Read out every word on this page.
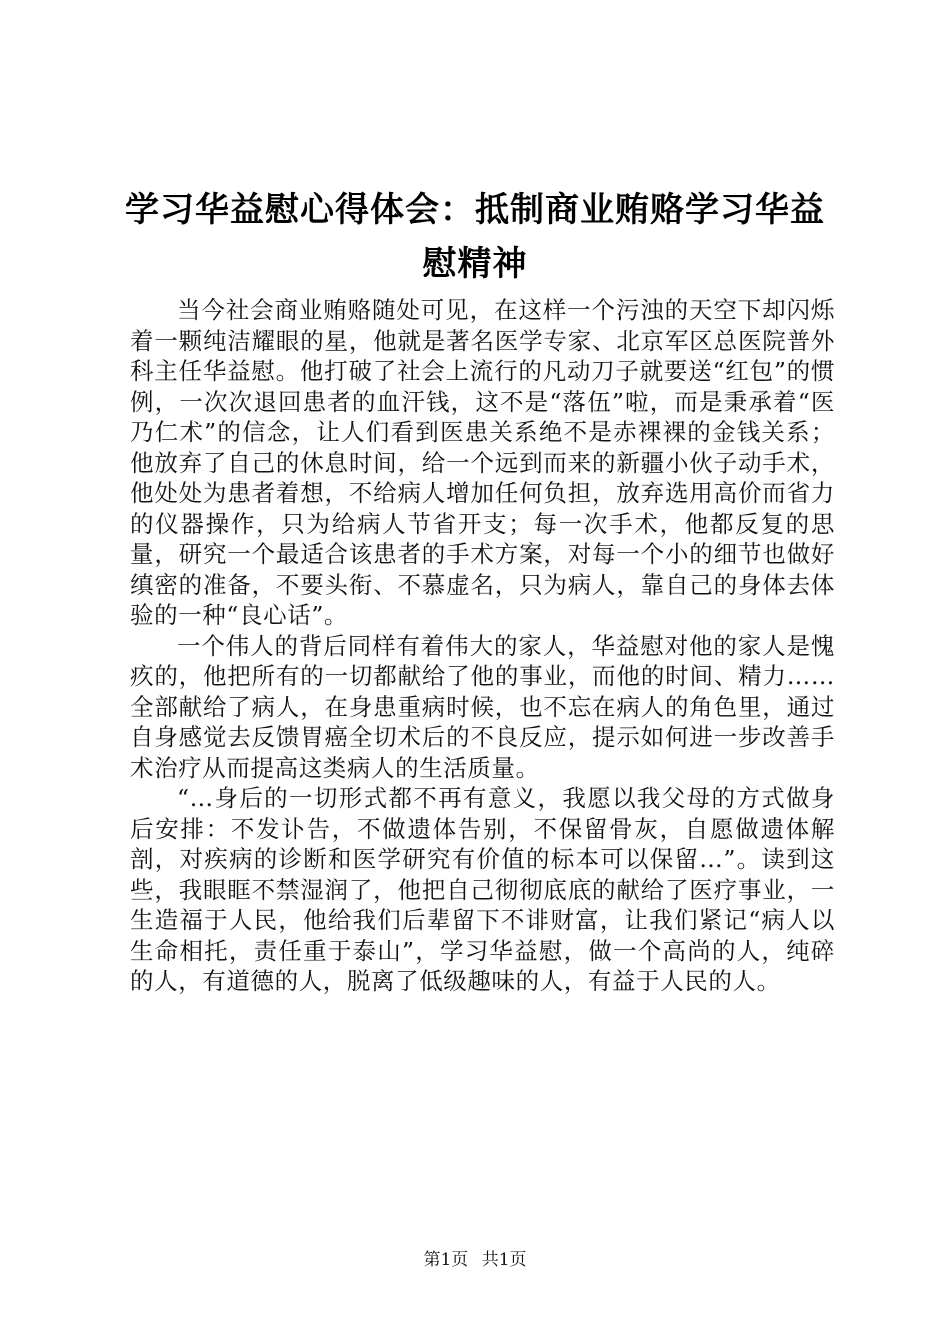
学习华益慰心得体会：抵制商业贿赂学习华益
慰精神

当今社会商业贿赂随处可见，在这样一个污浊的天空下却闪烁着一颗纯洁耀眼的星，他就是著名医学专家、北京军区总医院普外科主任华益慰。他打破了社会上流行的凡动刀子就要送“红包”的惯例，一次次退回患者的血汗钱，这不是“落伍”啦，而是秉承着“医乃仁术”的信念，让人们看到医患关系绝不是赤裸裸的金钱关系；他放弃了自己的休息时间，给一个远到而来的新疆小伙子动手术，他处处为患者着想，不给病人增加任何负担，放弃选用高价而省力的仪器操作，只为给病人节省开支；每一次手术，他都反复的思量，研究一个最适合该患者的手术方案，对每一个小的细节也做好缜密的准备，不要头衔、不慕虚名，只为病人，靠自己的身体去体验的一种“良心话”。

一个伟人的背后同样有着伟大的家人，华益慰对他的家人是愧疚的，他把所有的一切都献给了他的事业，而他的时间、精力……全部献给了病人，在身患重病时候，也不忘在病人的角色里，通过自身感觉去反馈胃癌全切术后的不良反应，提示如何进一步改善手术治疗从而提高这类病人的生活质量。

“…身后的一切形式都不再有意义，我愿以我父母的方式做身后安排：不发讣告，不做遗体告别，不保留骨灰，自愿做遗体解剖，对疾病的诊断和医学研究有价值的标本可以保留…”。读到这些，我眼眶不禁湿润了，他把自己彻彻底底的献给了医疗事业，一生造福于人民，他给我们后辈留下不诽财富，让我们紧记“病人以生命相托，责任重于泰山”，学习华益慰，做一个高尚的人，纯碎的人，有道德的人，脱离了低级趣味的人，有益于人民的人。

第1页 共1页
